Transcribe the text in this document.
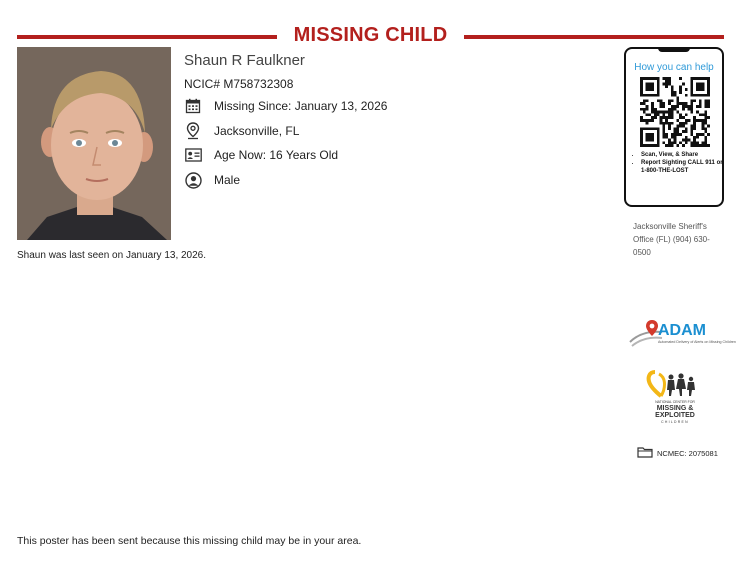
MISSING CHILD
Shaun R Faulkner
NCIC# M758732308
Missing Since: January 13, 2026
Jacksonville, FL
Age Now: 16 Years Old
Male
Shaun was last seen on January 13, 2026.
This poster has been sent because this missing child may be in your area.
How you can help
• Scan, View, & Share
• Report Sighting CALL 911 or 1-800-THE-LOST
Jacksonville Sheriff's Office (FL) (904) 630-0500
ADAM
Automated Delivery of Alerts on Missing Children
NATIONAL CENTER FOR
MISSING &
EXPLOITED
CHILDREN
NCMEC: 2075081
